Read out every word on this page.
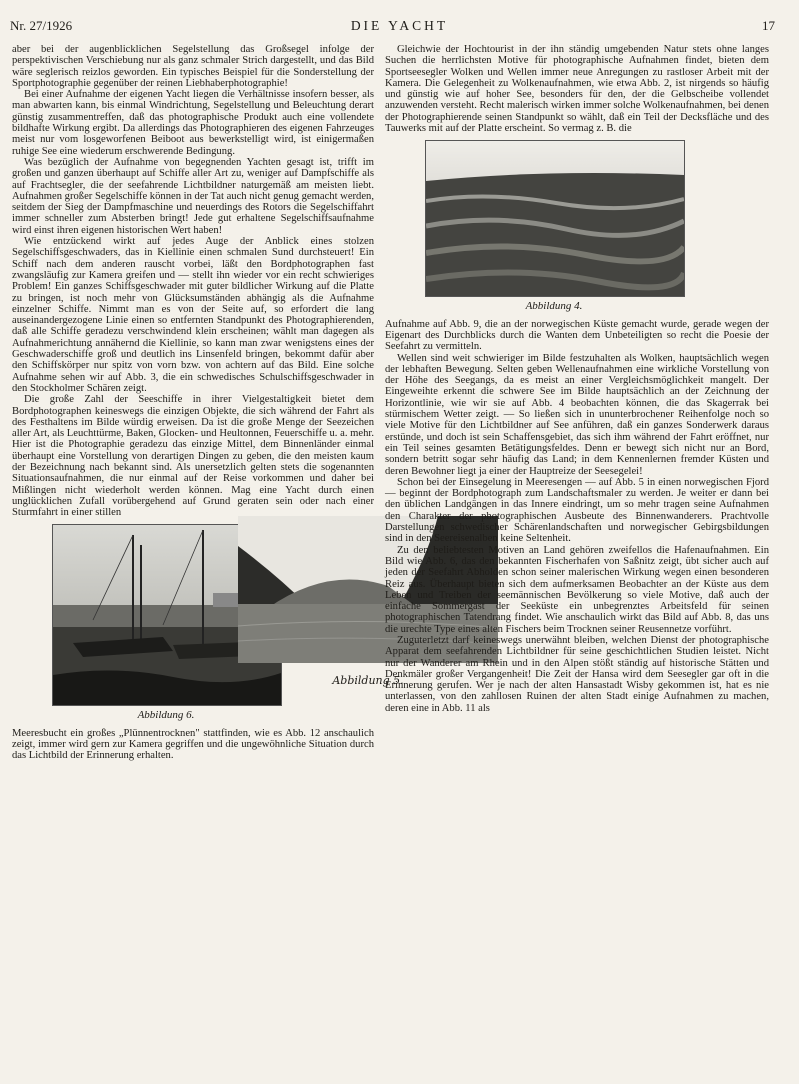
Nr. 27/1926	DIE YACHT	17

aber bei der augenblicklichen Segelstellung das Großsegel infolge der perspektivischen Verschiebung nur als ganz schmaler Strich dargestellt, und das Bild wäre seglerisch reizlos geworden. Ein typisches Beispiel für die Sonderstellung der Sportphotographie gegenüber der reinen Liebhaberphotographie!

Bei einer Aufnahme der eigenen Yacht liegen die Verhältnisse insofern besser, als man abwarten kann, bis einmal Windrichtung, Segelstellung und Beleuchtung derart günstig zusammentreffen, daß das photographische Produkt auch eine vollendete bildhafte Wirkung ergibt. Da allerdings das Photographieren des eigenen Fahrzeuges meist nur vom losgeworfenen Beiboot aus bewerkstelligt wird, ist einigermaßen ruhige See eine wiederum erschwerende Bedingung.

Was bezüglich der Aufnahme von begegnenden Yachten gesagt ist, trifft im großen und ganzen überhaupt auf Schiffe aller Art zu, weniger auf Dampfschiffe als auf Frachtsegler, die der seefahrende Lichtbildner naturgemäß am meisten liebt. Aufnahmen großer Segelschiffe können in der Tat auch nicht genug gemacht werden, seitdem der Sieg der Dampfmaschine und neuerdings des Rotors die Segelschiffahrt immer schneller zum Absterben bringt! Jede gut erhaltene Segelschiffsaufnahme wird einst ihren eigenen historischen Wert haben!

Wie entzückend wirkt auf jedes Auge der Anblick eines stolzen Segelschiffsgeschwaders, das in Kiellinie einen schmalen Sund durchsteuert! Ein Schiff nach dem anderen rauscht vorbei, läßt den Bordphotographen fast zwangsläufig zur Kamera greifen und — stellt ihn wieder vor ein recht schwieriges Problem! Ein ganzes Schiffsgeschwader mit guter bildlicher Wirkung auf die Platte zu bringen, ist noch mehr von Glücksumständen abhängig als die Aufnahme einzelner Schiffe. Nimmt man es von der Seite auf, so erfordert die lang auseinandergezogene Linie einen so entfernten Standpunkt des Photographierenden, daß alle Schiffe geradezu verschwindend klein erscheinen; wählt man dagegen als Aufnahmerichtung annähernd die Kiellinie, so kann man zwar wenigstens eines der Geschwaderschiffe groß und deutlich ins Linsenfeld bringen, bekommt dafür aber den Schiffskörper nur spitz von vorn bzw. von achtern auf das Bild. Eine solche Aufnahme sehen wir auf Abb. 3, die ein schwedisches Schulschiffsgeschwader in den Stockholmer Schären zeigt.

Die große Zahl der Seeschiffe in ihrer Vielgestaltigkeit bietet dem Bordphotographen keineswegs die einzigen Objekte, die sich während der Fahrt als des Festhaltens im Bilde würdig erweisen. Da ist die große Menge der Seezeichen aller Art, als Leuchttürme, Baken, Glocken- und Heultonnen, Feuerschiffe u. a. mehr. Hier ist die Photographie geradezu das einzige Mittel, dem Binnenländer einmal überhaupt eine Vorstellung von derartigen Dingen zu geben, die den meisten kaum der Bezeichnung nach bekannt sind. Als unersetzlich gelten stets die sogenannten Situationsaufnahmen, die nur einmal auf der Reise vorkommen und daher bei Mißlingen nicht wiederholt werden können. Mag eine Yacht durch einen unglücklichen Zufall vorübergehend auf Grund geraten sein oder nach einer Sturmfahrt in einer stillen

Abbildung 6.

Meeresbucht ein großes „Plünnentrocknen" stattfinden, wie es Abb. 12 anschaulich zeigt, immer wird gern zur Kamera gegriffen und die ungewöhnliche Situation durch das Lichtbild der Erinnerung erhalten.

Abbildung 5.

Gleichwie der Hochtourist in der ihn ständig umgebenden Natur stets ohne langes Suchen die herrlichsten Motive für photographische Aufnahmen findet, bieten dem Sportseesegler Wolken und Wellen immer neue Anregungen zu rastloser Arbeit mit der Kamera. Die Gelegenheit zu Wolkenaufnahmen, wie etwa Abb. 2, ist nirgends so häufig und günstig wie auf hoher See, besonders für den, der die Gelbscheibe vollendet anzuwenden versteht. Recht malerisch wirken immer solche Wolkenaufnahmen, bei denen der Photographierende seinen Standpunkt so wählt, daß ein Teil der Decksfläche und des Tauwerks mit auf der Platte erscheint. So vermag z. B. die

Abbildung 4.

Aufnahme auf Abb. 9, die an der norwegischen Küste gemacht wurde, gerade wegen der Eigenart des Durchblicks durch die Wanten dem Unbeteiligten so recht die Poesie der Seefahrt zu vermitteln.

Wellen sind weit schwieriger im Bilde festzuhalten als Wolken, hauptsächlich wegen der lebhaften Bewegung. Selten geben Wellenaufnahmen eine wirkliche Vorstellung von der Höhe des Seegangs, da es meist an einer Vergleichsmöglichkeit mangelt. Der Eingeweihte erkennt die schwere See im Bilde hauptsächlich an der Zeichnung der Horizontlinie, wie wir sie auf Abb. 4 beobachten können, die das Skagerrak bei stürmischem Wetter zeigt. — So ließen sich in ununterbrochener Reihenfolge noch so viele Motive für den Lichtbildner auf See anführen, daß ein ganzes Sonderwerk daraus erstünde, und doch ist sein Schaffensgebiet, das sich ihm während der Fahrt eröffnet, nur ein Teil seines gesamten Betätigungsfeldes. Denn er bewegt sich nicht nur an Bord, sondern betritt sogar sehr häufig das Land; in dem Kennenlernen fremder Küsten und deren Bewohner liegt ja einer der Hauptreize der Seesegelei!

Schon bei der Einsegelung in Meeresengen — auf Abb. 5 in einen norwegischen Fjord — beginnt der Bordphotograph zum Landschaftsmaler zu werden. Je weiter er dann bei den üblichen Landgängen in das Innere eindringt, um so mehr tragen seine Aufnahmen den Charakter der photographischen Ausbeute des Binnenwanderers. Prachtvolle Darstellungen schwedischer Schärenlandschaften und norwegischer Gebirgsbildungen sind in den Seereisenalben keine Seltenheit.

Zu den beliebtesten Motiven an Land gehören zweifellos die Hafenaufnahmen. Ein Bild wie Abb. 6, das den bekannten Fischerhafen von Saßnitz zeigt, übt sicher auch auf jeden der Seefahrt Abholden schon seiner malerischen Wirkung wegen einen besonderen Reiz aus. Überhaupt bieten sich dem aufmerksamen Beobachter an der Küste aus dem Leben und Treiben der seemännischen Bevölkerung so viele Motive, daß auch der einfache Sommergast der Seeküste ein unbegrenztes Arbeitsfeld für seinen photographischen Tatendrang findet. Wie anschaulich wirkt das Bild auf Abb. 8, das uns die urechte Type eines alten Fischers beim Trocknen seiner Reusennetze vorführt.

Zuguterletzt darf keineswegs unerwähnt bleiben, welchen Dienst der photographische Apparat dem seefahrenden Lichtbildner für seine geschichtlichen Studien leistet. Nicht nur der Wanderer am Rhein und in den Alpen stößt ständig auf historische Stätten und Denkmäler großer Vergangenheit! Die Zeit der Hansa wird dem Seesegler gar oft in die Erinnerung gerufen. Wer je nach der alten Hansastadt Wisby gekommen ist, hat es nie unterlassen, von den zahllosen Ruinen der alten Stadt einige Aufnahmen zu machen, deren eine in Abb. 11 als
